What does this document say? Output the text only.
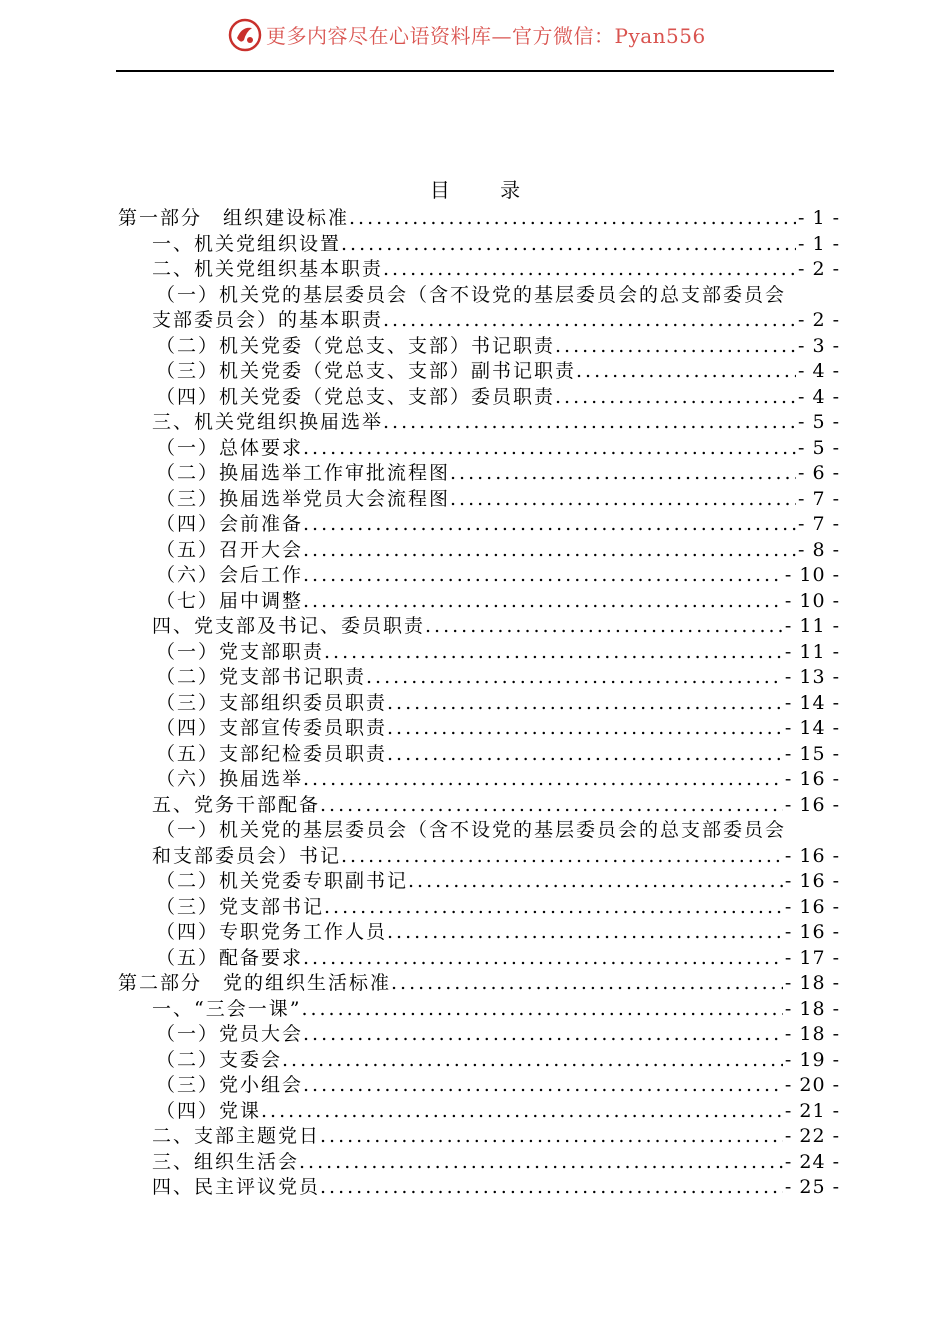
更多内容尽在心语资料库—官方微信：Pyan556
目 录
第一部分　组织建设标准 .....	- 1 -
一、机关党组织设置 .....	- 1 -
二、机关党组织基本职责 .....	- 2 -
（一）机关党的基层委员会（含不设党的基层委员会的总支部委员会
支部委员会）的基本职责 .....	- 2 -
（二）机关党委（党总支、支部）书记职责 .....	- 3 -
（三）机关党委（党总支、支部）副书记职责 .....	- 4 -
（四）机关党委（党总支、支部）委员职责 .....	- 4 -
三、机关党组织换届选举 .....	- 5 -
（一）总体要求 .....	- 5 -
（二）换届选举工作审批流程图 .....	- 6 -
（三）换届选举党员大会流程图 .....	- 7 -
（四）会前准备 .....	- 7 -
（五）召开大会 .....	- 8 -
（六）会后工作 .....	- 10 -
（七）届中调整 .....	- 10 -
四、党支部及书记、委员职责 .....	- 11 -
（一）党支部职责 .....	- 11 -
（二）党支部书记职责 .....	- 13 -
（三）支部组织委员职责 .....	- 14 -
（四）支部宣传委员职责 .....	- 14 -
（五）支部纪检委员职责 .....	- 15 -
（六）换届选举 .....	- 16 -
五、党务干部配备 .....	- 16 -
（一）机关党的基层委员会（含不设党的基层委员会的总支部委员会
和支部委员会）书记 .....	- 16 -
（二）机关党委专职副书记 .....	- 16 -
（三）党支部书记 .....	- 16 -
（四）专职党务工作人员 .....	- 16 -
（五）配备要求 .....	- 17 -
第二部分　党的组织生活标准 .....	- 18 -
一、“三会一课” .....	- 18 -
（一）党员大会 .....	- 18 -
（二）支委会 .....	- 19 -
（三）党小组会 .....	- 20 -
（四）党课 .....	- 21 -
二、支部主题党日 .....	- 22 -
三、组织生活会 .....	- 24 -
四、民主评议党员 .....	- 25 -
